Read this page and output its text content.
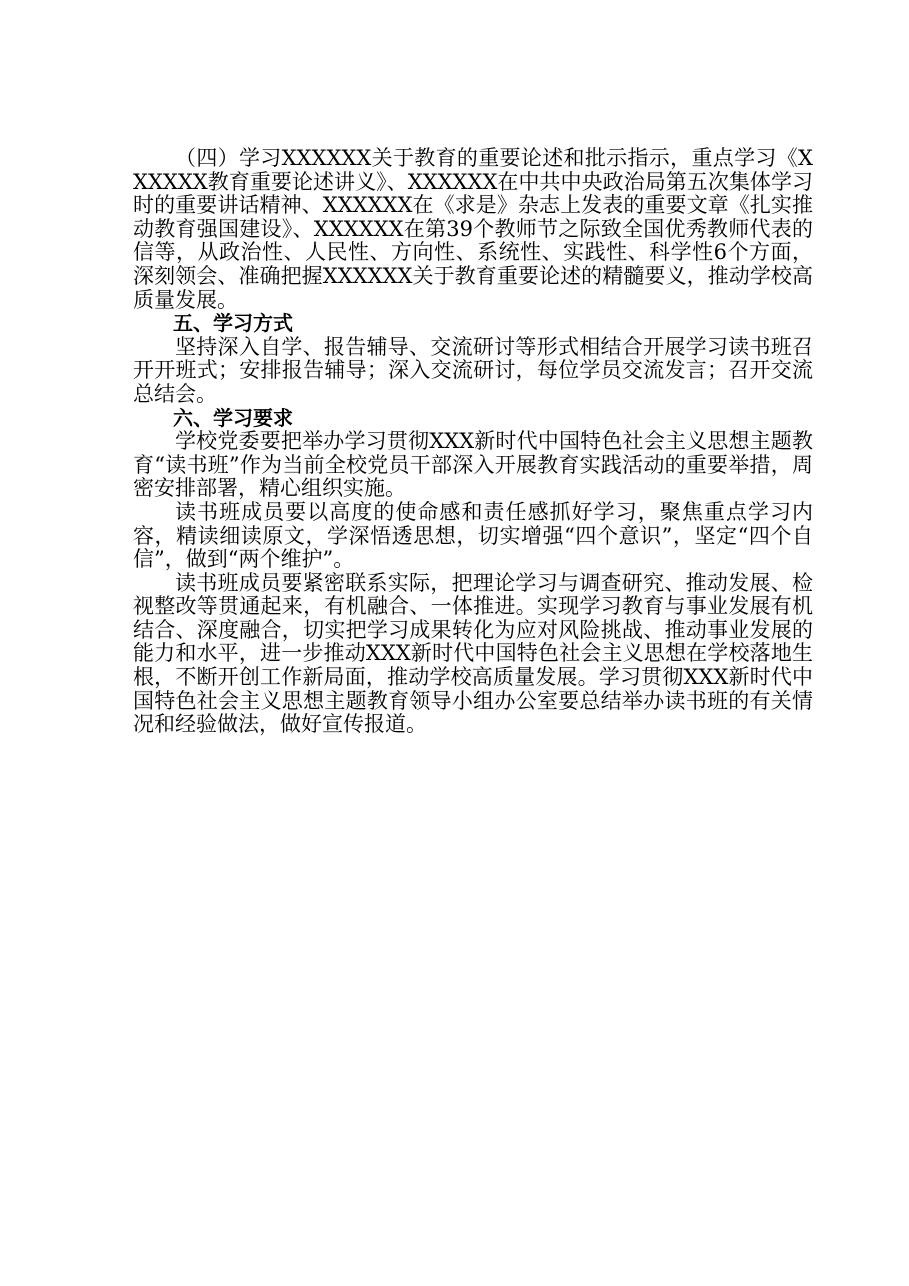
（四）学习XXXXXX关于教育的重要论述和批示指示，重点学习《XXXXXX教育重要论述讲义》、XXXXXX在中共中央政治局第五次集体学习时的重要讲话精神、XXXXXX在《求是》杂志上发表的重要文章《扎实推动教育强国建设》、XXXXXX在第39个教师节之际致全国优秀教师代表的信等，从政治性、人民性、方向性、系统性、实践性、科学性6个方面，深刻领会、准确把握XXXXXX关于教育重要论述的精髓要义，推动学校高质量发展。

五、学习方式

坚持深入自学、报告辅导、交流研讨等形式相结合开展学习读书班召开开班式；安排报告辅导；深入交流研讨，每位学员交流发言；召开交流总结会。

六、学习要求

学校党委要把举办学习贯彻XXX新时代中国特色社会主义思想主题教育“读书班”作为当前全校党员干部深入开展教育实践活动的重要举措，周密安排部署，精心组织实施。

读书班成员要以高度的使命感和责任感抓好学习，聚焦重点学习内容，精读细读原文，学深悟透思想，切实增强“四个意识”，坚定“四个自信”，做到“两个维护”。

读书班成员要紧密联系实际，把理论学习与调查研究、推动发展、检视整改等贯通起来，有机融合、一体推进。实现学习教育与事业发展有机结合、深度融合，切实把学习成果转化为应对风险挑战、推动事业发展的能力和水平，进一步推动XXX新时代中国特色社会主义思想在学校落地生根，不断开创工作新局面，推动学校高质量发展。学习贯彻XXX新时代中国特色社会主义思想主题教育领导小组办公室要总结举办读书班的有关情况和经验做法，做好宣传报道。
